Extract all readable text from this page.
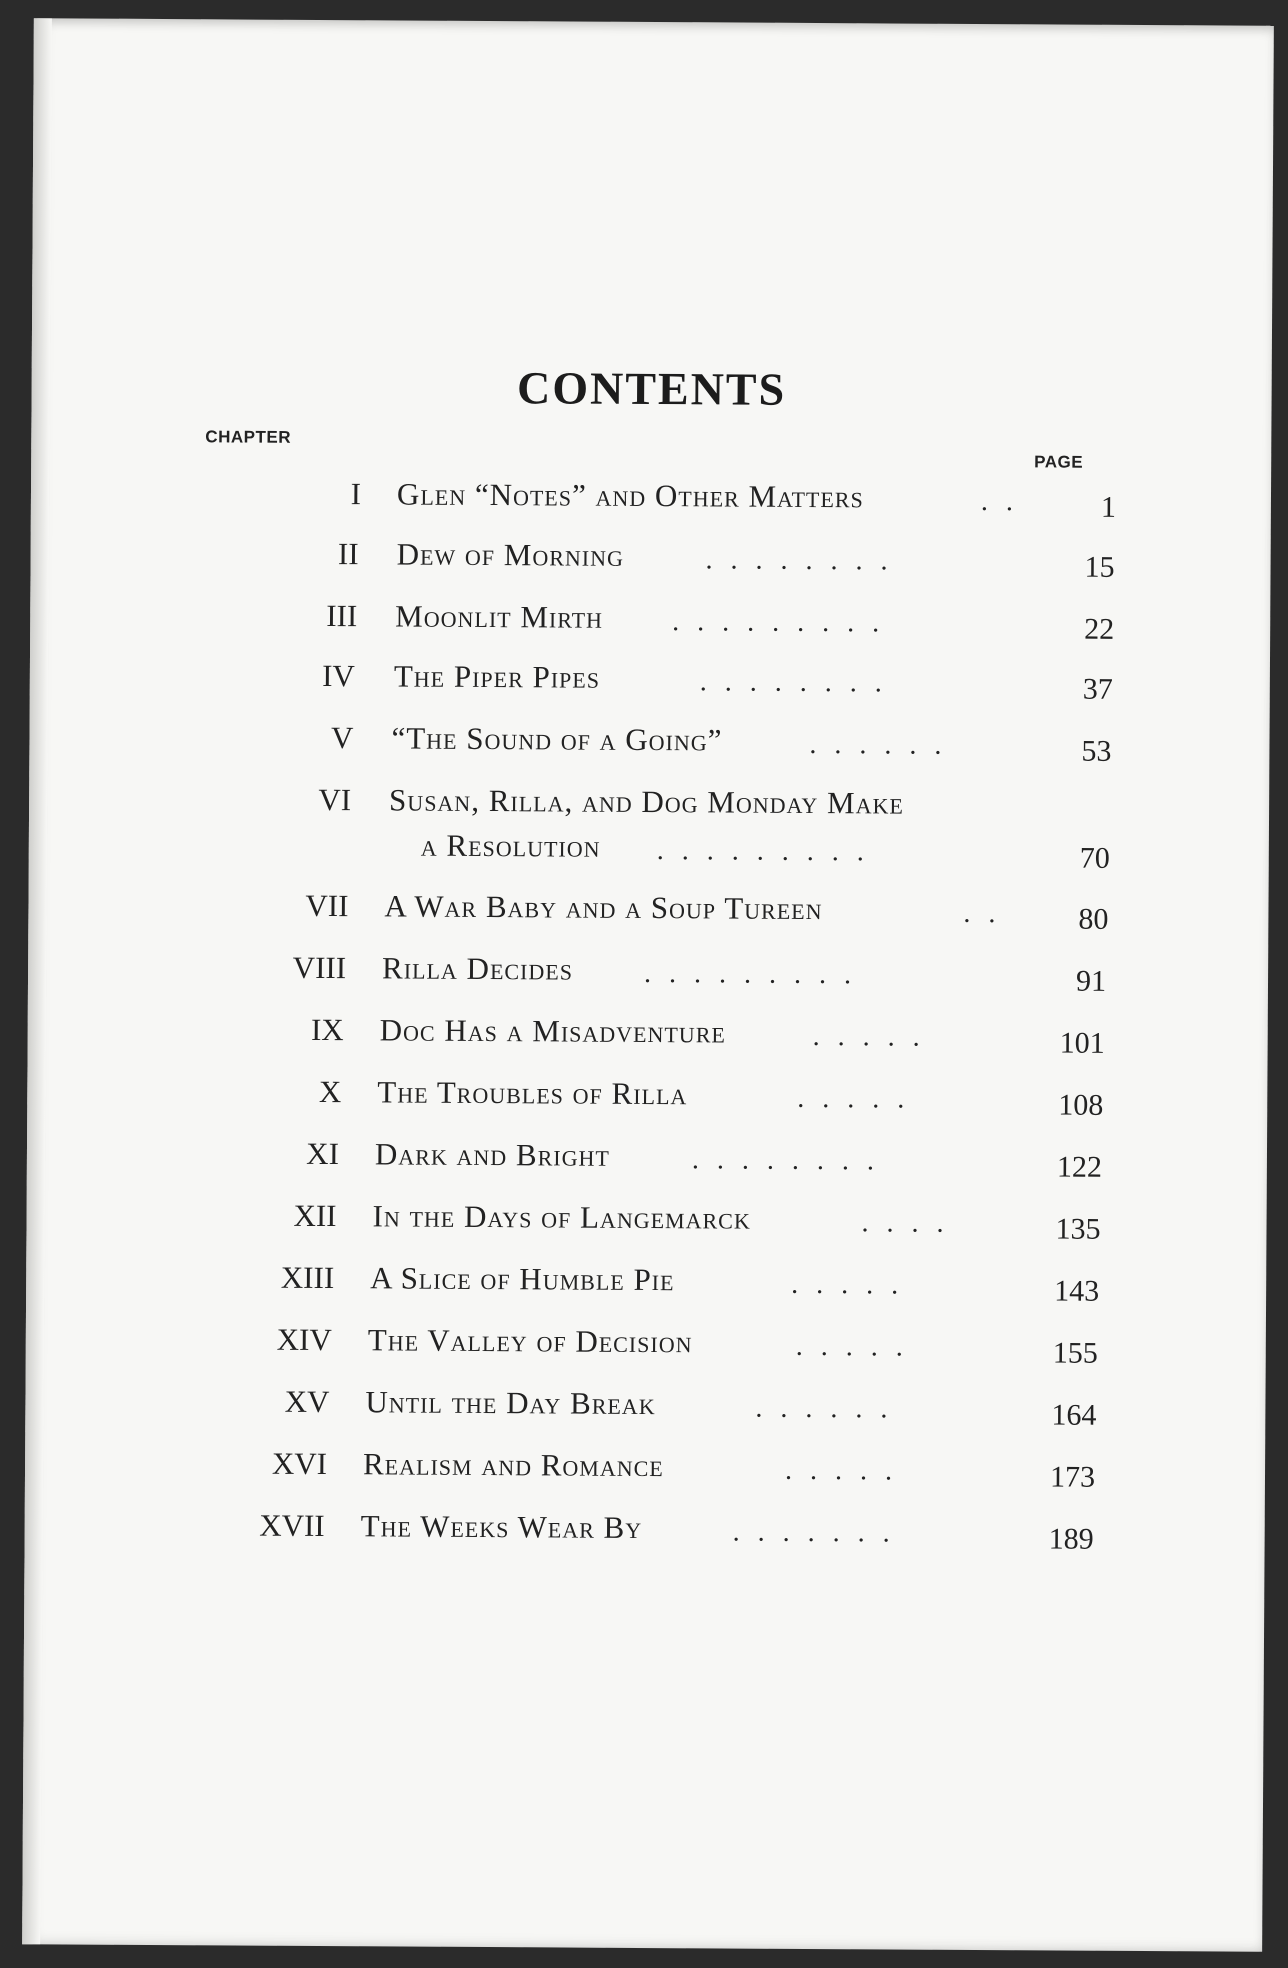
CONTENTS
CHAPTER
PAGE
I Glen “Notes” and Other Matters	..	1
II Dew of Morning	........	15
III Moonlit Mirth .........	22
IV The Piper Pipes	........	37
V “The Sound of a Going”	......	53
VI Susan, Rilla, and Dog Monday Make
a Resolution .........	70
VII A War Baby and a Soup Tureen	..	80
VIII Rilla Decides	.........	91
IX Doc Has a Misadventure	.....	101
X The Troubles of Rilla	.....	108
XI Dark and Bright	........	122
XII In the Days of Langemarck	....	135
XIII A Slice of Humble Pie	.....	143
XIV The Valley of Decision	.....	155
XV Until the Day Break	......	164
XVI Realism and Romance	.....	173
XVII The Weeks Wear By	.......	189
